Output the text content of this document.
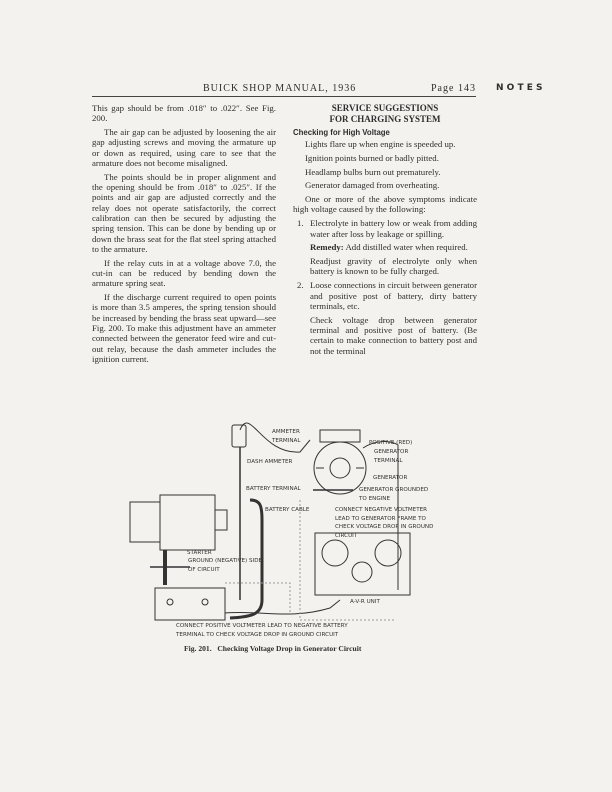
BUICK SHOP MANUAL, 1936	Page 143 N O T E S

This gap should be from .018″ to .022″. See Fig. 200.

The air gap can be adjusted by loosening the air gap adjusting screws and moving the armature up or down as required, using care to see that the armature does not become misaligned.

The points should be in proper alignment and the opening should be from .018″ to .025″. If the points and air gap are adjusted correctly and the relay does not operate satisfactorily, the correct calibration can then be secured by adjusting the spring tension. This can be done by bending up or down the brass seat for the flat steel spring attached to the armature.

If the relay cuts in at a voltage above 7.0, the cut-in can be reduced by bending down the armature spring seat.

If the discharge current required to open points is more than 3.5 amperes, the spring tension should be increased by bending the brass seat upward—see Fig. 200. To make this adjustment have an ammeter connected between the generator feed wire and cut-out relay, because the dash ammeter includes the ignition current.

SERVICE SUGGESTIONS FOR CHARGING SYSTEM
Checking for High Voltage

Lights flare up when engine is speeded up.

Ignition points burned or badly pitted.

Headlamp bulbs burn out prematurely.

Generator damaged from overheating.

One or more of the above symptoms indicate high voltage caused by the following:

1. Electrolyte in battery low or weak from adding water after loss by leakage or spilling.

Remedy: Add distilled water when required.

Readjust gravity of electrolyte only when battery is known to be fully charged.

2. Loose connections in circuit between generator and positive post of battery, dirty battery terminals, etc.

Check voltage drop between generator terminal and positive post of battery. (Be certain to make connection to battery post and not the terminal

AMMETER
TERMINAL
DASH AMMETER
POSITIVE (RED)
GENERATOR
TERMINAL
GENERATOR
BATTERY TERMINAL	GENERATOR GROUNDED
TO ENGINE
BATTERY CABLE	CONNECT NEGATIVE VOLTMETER
LEAD TO GENERATOR FRAME TO
CHECK VOLTAGE DROP IN GROUND
CIRCUIT
STARTER
GROUND (NEGATIVE) SIDE
OF CIRCUIT
A-V-R UNIT
CONNECT POSITIVE VOLTMETER LEAD TO NEGATIVE BATTERY
TERMINAL TO CHECK VOLTAGE DROP IN GROUND CIRCUIT
Fig. 201.   Checking Voltage Drop in Generator Circuit
